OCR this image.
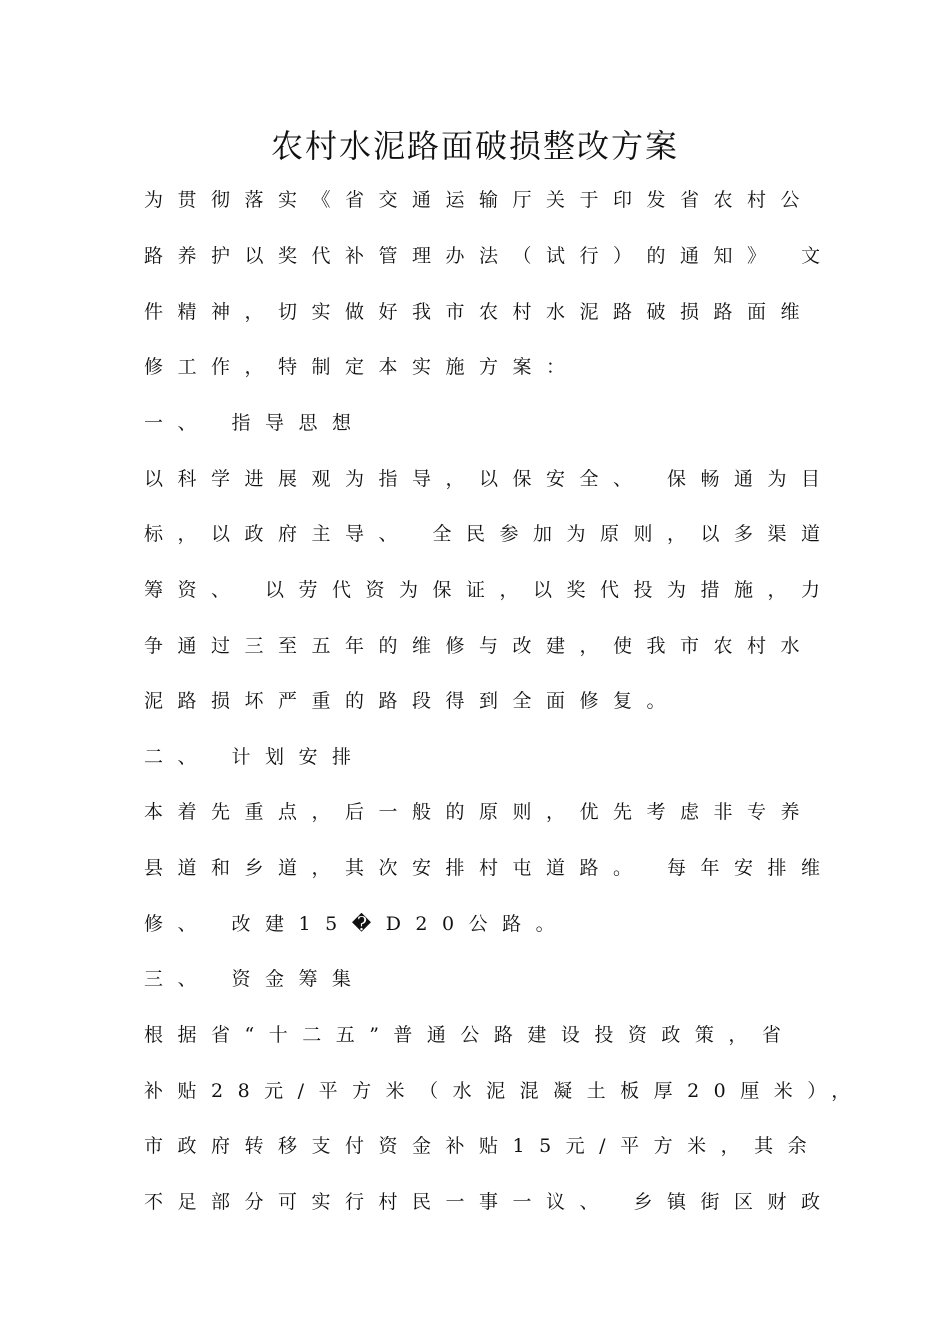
农村水泥路面破损整改方案
为贯彻落实《省交通运输厅关于印发省农村公
路养护以奖代补管理办法（试行）的通知》 文
件精神，切实做好我市农村水泥路破损路面维
修工作，特制定本实施方案：
一、 指导思想
以科学进展观为指导，以保安全、 保畅通为目
标，以政府主导、 全民参加为原则，以多渠道
筹资、 以劳代资为保证，以奖代投为措施，力
争通过三至五年的维修与改建，使我市农村水
泥路损坏严重的路段得到全面修复。
二、 计划安排
本着先重点，后一般的原则，优先考虑非专养
县道和乡道，其次安排村屯道路。 每年安排维
修、 改建15�D20公路。
三、 资金筹集
根据省“十二五”普通公路建设投资政策，省
补贴28元/平方米（水泥混凝土板厚20厘米），
市政府转移支付资金补贴15元/平方米，其余
不足部分可实行村民一事一议、 乡镇街区财政
